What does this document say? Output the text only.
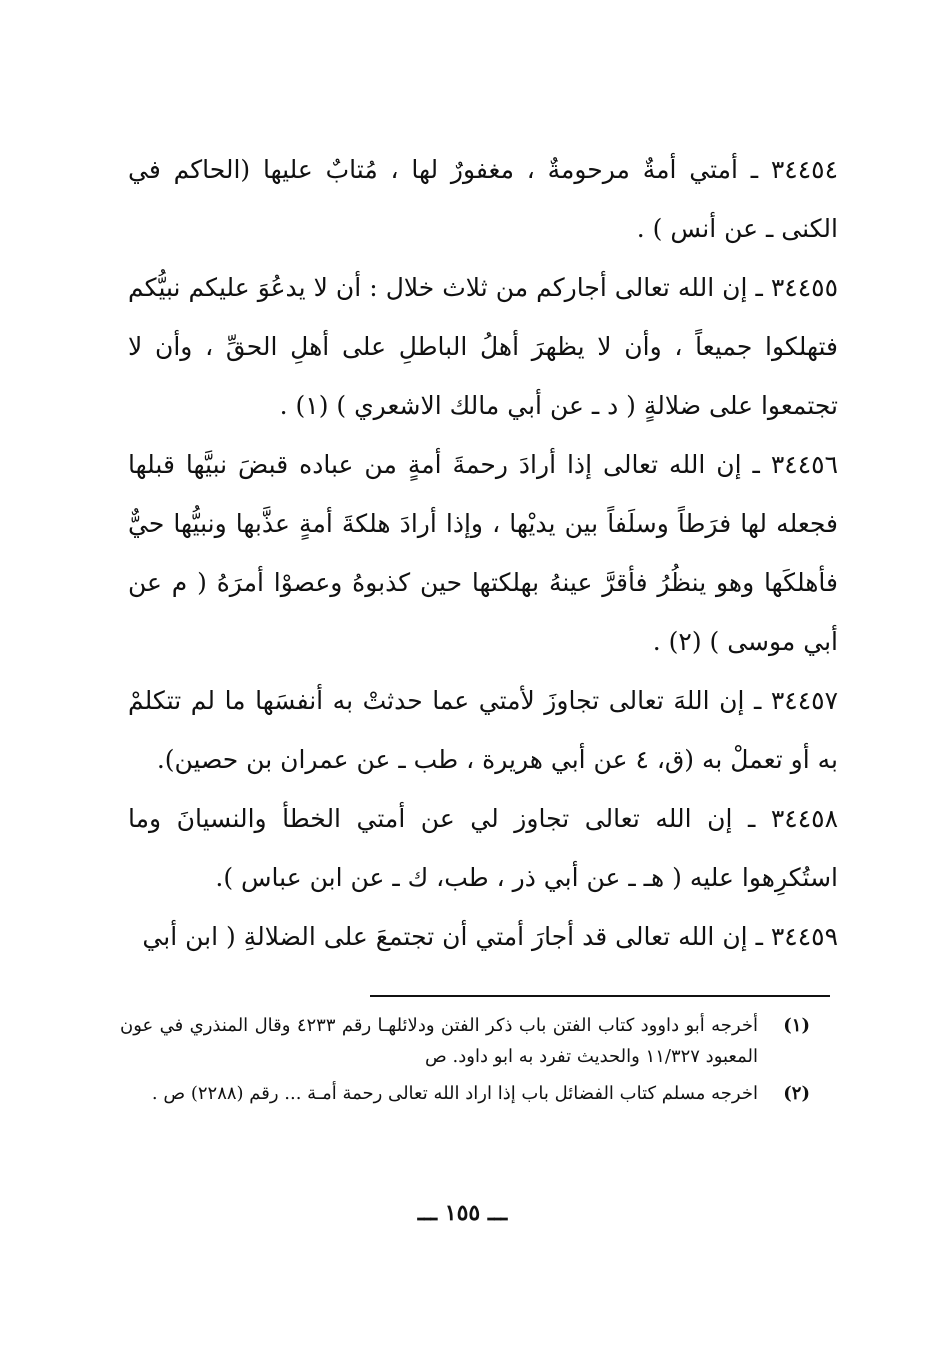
٣٤٤٥٤ ـ أمتي أمةٌ مرحومةٌ ، مغفورٌ لها ، مُتابٌ عليها (الحاكم في الكنى ـ عن أنس ) .

٣٤٤٥٥ ـ إن الله تعالى أجاركم من ثلاث خلال : أن لا يدعُوَ عليكم نبيُّكم فتهلكوا جميعاً ، وأن لا يظهرَ أهلُ الباطلِ على أهلِ الحقِّ ، وأن لا تجتمعوا على ضلالةٍ ( د ـ عن أبي مالك الاشعري ) (١) .

٣٤٤٥٦ ـ إن الله تعالى إذا أرادَ رحمةَ أمةٍ من عباده قبضَ نبيَّها قبلها فجعله لها فرَطاً وسلَفاً بين يديْها ، وإذا أرادَ هلكةَ أمةٍ عذَّبها ونبيُّها حيٌّ فأهلكَها وهو ينظُرُ فأقرَّ عينهُ بهلكتها حين كذبوهُ وعصوْا أمرَهُ ( م عن أبي موسى ) (٢) .

٣٤٤٥٧ ـ إن اللهَ تعالى تجاوزَ لأمتي عما حدثتْ به أنفسَها ما لم تتكلمْ به أو تعملْ به (ق، ٤ عن أبي هريرة ، طب ـ عن عمران بن حصين).

٣٤٤٥٨ ـ إن الله تعالى تجاوز لي عن أمتي الخطأ والنسيانَ وما استُكرِهوا عليه ( هـ ـ عن أبي ذر ، طب، ك ـ عن ابن عباس ).

٣٤٤٥٩ ـ إن الله تعالى قد أجارَ أمتي أن تجتمعَ على الضلالةِ ( ابن أبي

(١)
أخرجه أبو داوود كتاب الفتن باب ذكر الفتن ودلائلهـا رقم ٤٢٣٣ وقال المنذري في عون المعبود ١١/٣٢٧ والحديث تفرد به ابو داود. ص
(٢)
اخرجه مسلم كتاب الفضائل باب إذا اراد الله تعالى رحمة أمـة ... رقم (٢٢٨٨) ص .
ـــ ١٥٥ ـــ
